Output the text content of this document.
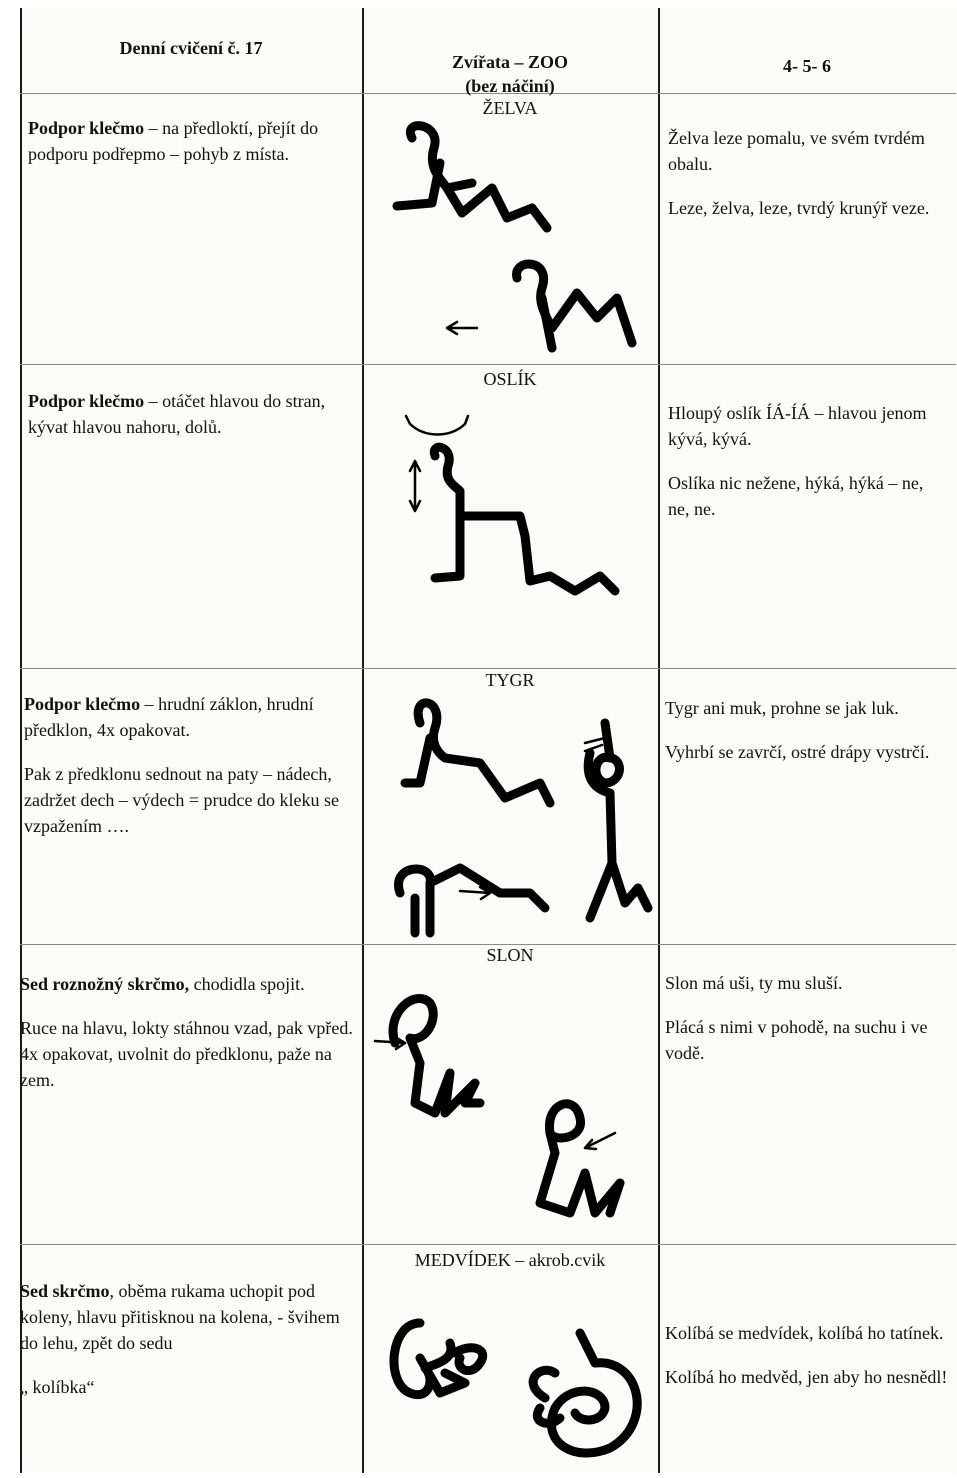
Denní cvičení č. 17
Zvířata – ZOO
(bez náčiní)
4- 5- 6
ŽELVA

Podpor klečmo – na předloktí, přejít do podporu podřepmo – pohyb z místa.

Želva leze pomalu, ve svém tvrdém obalu.

Leze, želva, leze, tvrdý krunýř veze.

OSLÍK

Podpor klečmo – otáčet hlavou do stran, kývat hlavou nahoru, dolů.

Hloupý oslík ÍÁ-ÍÁ – hlavou jenom kývá, kývá.

Oslíka nic nežene, hýká, hýká – ne, ne, ne.

TYGR

Podpor klečmo – hrudní záklon, hrudní předklon, 4x opakovat.

Pak z předklonu sednout na paty – nádech, zadržet dech – výdech = prudce do kleku se vzpažením ….

Tygr ani muk, prohne se jak luk.

Vyhrbí se zavrčí, ostré drápy vystrčí.

SLON

Sed roznožný skrčmo, chodidla spojit.

Ruce na hlavu, lokty stáhnou vzad, pak vpřed. 4x opakovat, uvolnit do předklonu, paže na zem.

Slon má uši, ty mu sluší.

Plácá s nimi v pohodě, na suchu i ve vodě.

MEDVÍDEK – akrob.cvik

Sed skrčmo, oběma rukama uchopit pod koleny, hlavu přitisknou na kolena, - švihem do lehu, zpět do sedu

„ kolíbka“

Kolíbá se medvídek, kolíbá ho tatínek.

Kolíbá ho medvěd, jen aby ho nesnědl!
